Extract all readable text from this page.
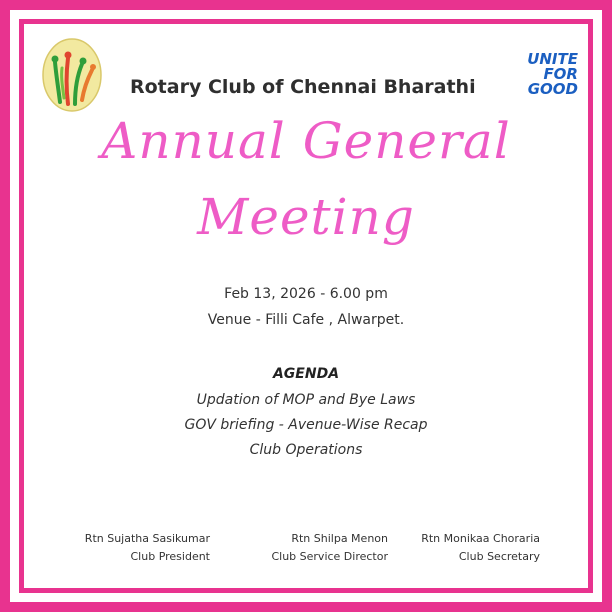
Rotary Club of Chennai Bharathi
UNITE
FOR
GOOD
Annual General
Meeting
Feb 13, 2026 - 6.00 pm
Venue - Filli Cafe , Alwarpet.
AGENDA
Updation of MOP and Bye Laws
GOV briefing - Avenue-Wise Recap
Club Operations
Rtn Sujatha Sasikumar
Club President
Rtn Shilpa Menon
Club Service Director
Rtn Monikaa Choraria
Club Secretary
